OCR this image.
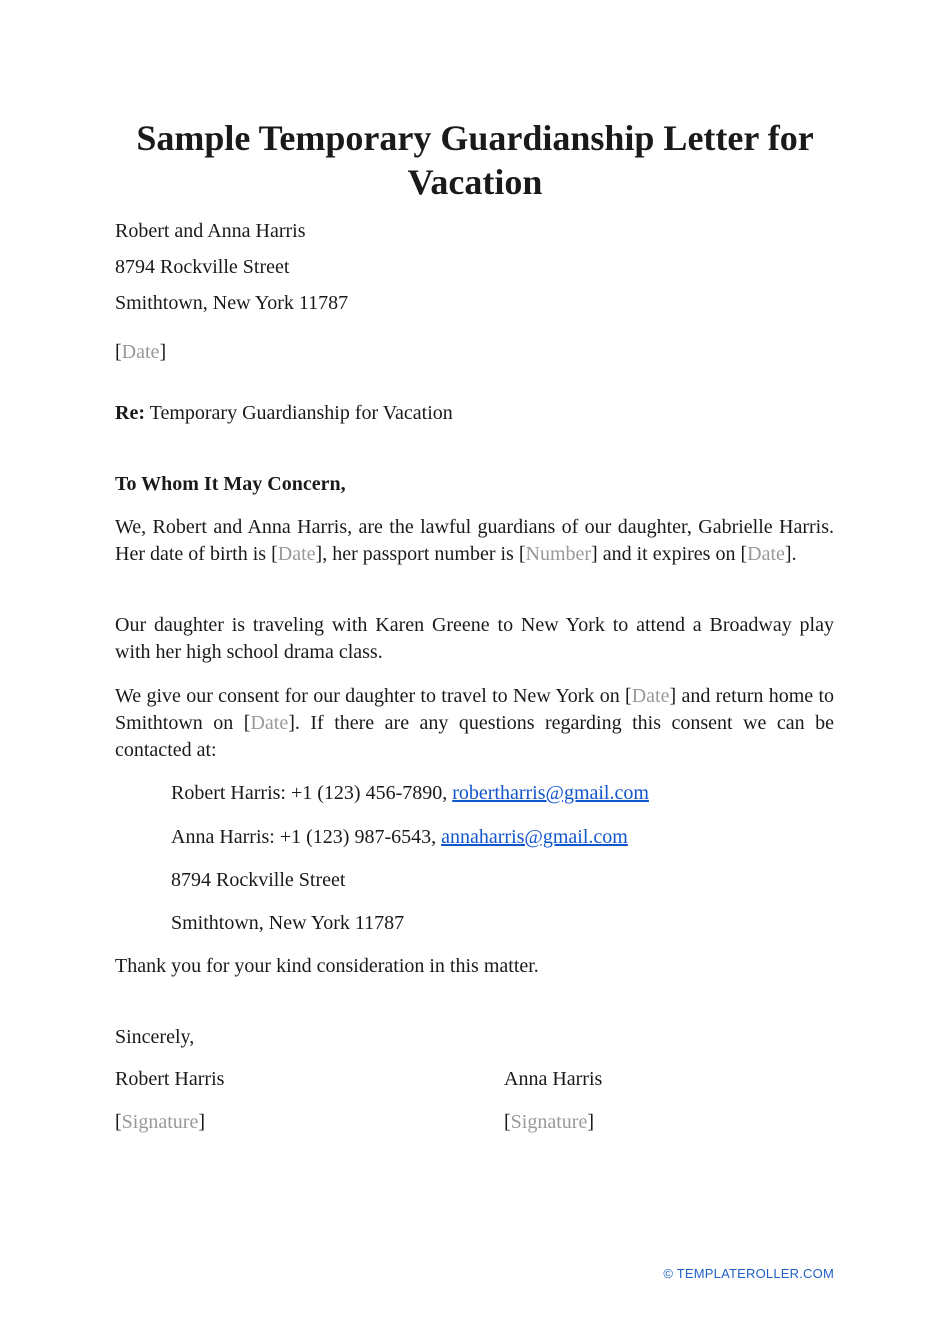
Sample Temporary Guardianship Letter for Vacation

Robert and Anna Harris

8794 Rockville Street

Smithtown, New York 11787

[Date]

Re: Temporary Guardianship for Vacation

To Whom It May Concern,

We, Robert and Anna Harris, are the lawful guardians of our daughter, Gabrielle Harris. Her date of birth is [Date], her passport number is [Number] and it expires on [Date].

Our daughter is traveling with Karen Greene to New York to attend a Broadway play with her high school drama class.

We give our consent for our daughter to travel to New York on [Date] and return home to Smithtown on [Date]. If there are any questions regarding this consent we can be contacted at:

Robert Harris: +1 (123) 456-7890, robertharris@gmail.com

Anna Harris: +1 (123) 987-6543, annaharris@gmail.com

8794 Rockville Street

Smithtown, New York 11787

Thank you for your kind consideration in this matter.

Sincerely,

Robert Harris	Anna Harris

[Signature]	[Signature]

© TEMPLATEROLLER.COM
